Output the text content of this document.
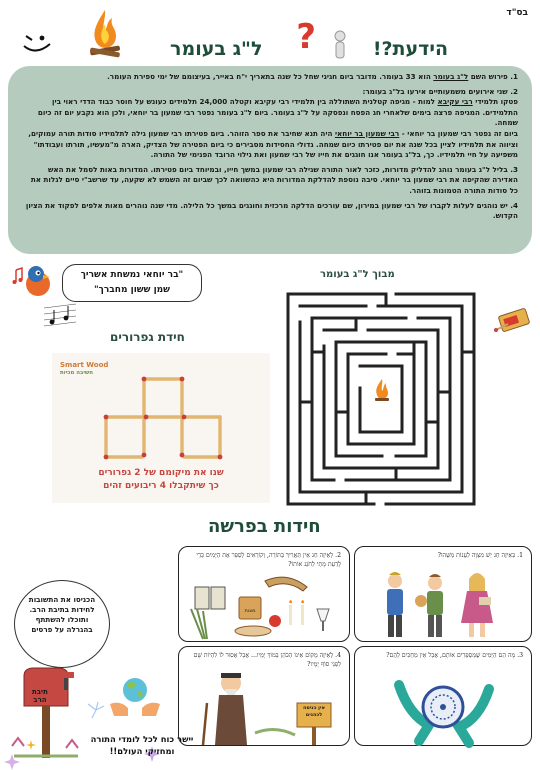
בס"ד
?	הידעת?!
ל"ג בעומר

1. פירוש השם ל"ג בעומר הוא 33 בעומר. מדובר ביום חגיגי שחל כל שנה בתאריך י"ח באייר, בעיצומם של ימי ספירת העומר.

2. שני אירועים משמעותיים אירעו בל"ג בעומר:

פטקו תלמידי רבי עקיבא למות - מגיפה קטלנית השתוללה בין תלמידי רבי עקיבא וקטלה 24,000 תלמידים כעונש על חוסר כבוד הדדי ראוי בין התלמידים. המגיפה פרצה בימים שלאחרי חג הפסח ונפסקה על ל"ג בעומר. ביום ל"ג בעומר נפטר רבי שמעון בר יוחאי, ולכן הוא נקבע יום זה כיום שמחה.

ביום זה נפטר רבי שמעון בר יוחאי - רבי שמעון בר יוחאי היה תנא שחיבר את ספר הזוהר. ביום פטירתו רבי שמעון גילה לתלמידיו סודות תורה עמוקים, וציווה את תלמידיו לציין בכל שנה את יום פטירתו כיום שמחה. גדולי החסידות מסבירים כי ביום הפטירה של הצדיק, הארה מ"מעשיו, תורתו ועבודתו" משפיעה על חיי תלמידיו. כך, בל"ג בעומר אנו חוגגים את חייו של רבי שמעון ואת גילוי הרובד הפנימי של התורה.

3. בליל ל"ג בעומר נוהג להדליק מדורות, כזכר לאור התורה שגילה רבי שמעון במשך חייו, ובמיוחד ביום פטירתו. המדורות באות לסמל את האש האדירה שהקיפה את רבי שמעון בר יוחאי. סיבה נוספת להדלקת המדורות היא כהשוואה לכך שביום זה השמש לא שקעה, עד שרשב"י סיים לגלות את כל סודות התורה הטמונות בזוהר.

4. יש נוהגים לעלות לקברו של רבי שמעון במירון, שם עורכים הדלקה מרכזית וחוגגים במשך כל הלילה. מדי שנה נוהרים מאות אלפים לפקוד את הציון הקדוש.

"בר יוחאי נמשחת אשריך
שמן ששון מחברך"
מבוך ל"ג בעומר
חידת גפרורים
Smart Wood
חשיבה מכיות
שנו את מיקומם של 2 גפרורים
כך שיתקבלו 4 ריבועים זהים
חידות בפרשה
1. בַּאֵיזֶה חַג יֵשׁ מִצְוָה לַעֲנוֹת מַשֶּׁהוּ?
2. לְאֵיזֶה חַג אֵין תַּאֲרִיךְ בַּתּוֹרָה, וְקוֹרְאִים לְסַפֵּר אֶת הַיָּמִים כְּדֵי לָדַעַת מָתַי לְחֹגֵג אוֹתוֹ?
מצות
3. מָה הֵם הַיָּמִים שֶׁמְּסְפְּרִים אוֹתָם, אֲבָל אֵין מְחַכִּים לָהֶם?
4. לְאֵיזֶה מָקוֹם אֵינוֹ הַכֹּהֵן בְּמוֹךְ יָמָיו... אֲבָל אָסוּר לוֹ לִהְיוֹת שָׁם לִפְנֵי סוֹף יָמָיו?
אין כניסה לכהנים
הכניסו את התשובות
לחידות בתיבת הרב.
ותוכלו להשתתף
בהגרלה על פרסים
תיבת
הרב
יישר כוח לכל לומדי התורה
ומחזיקי העולם!!
